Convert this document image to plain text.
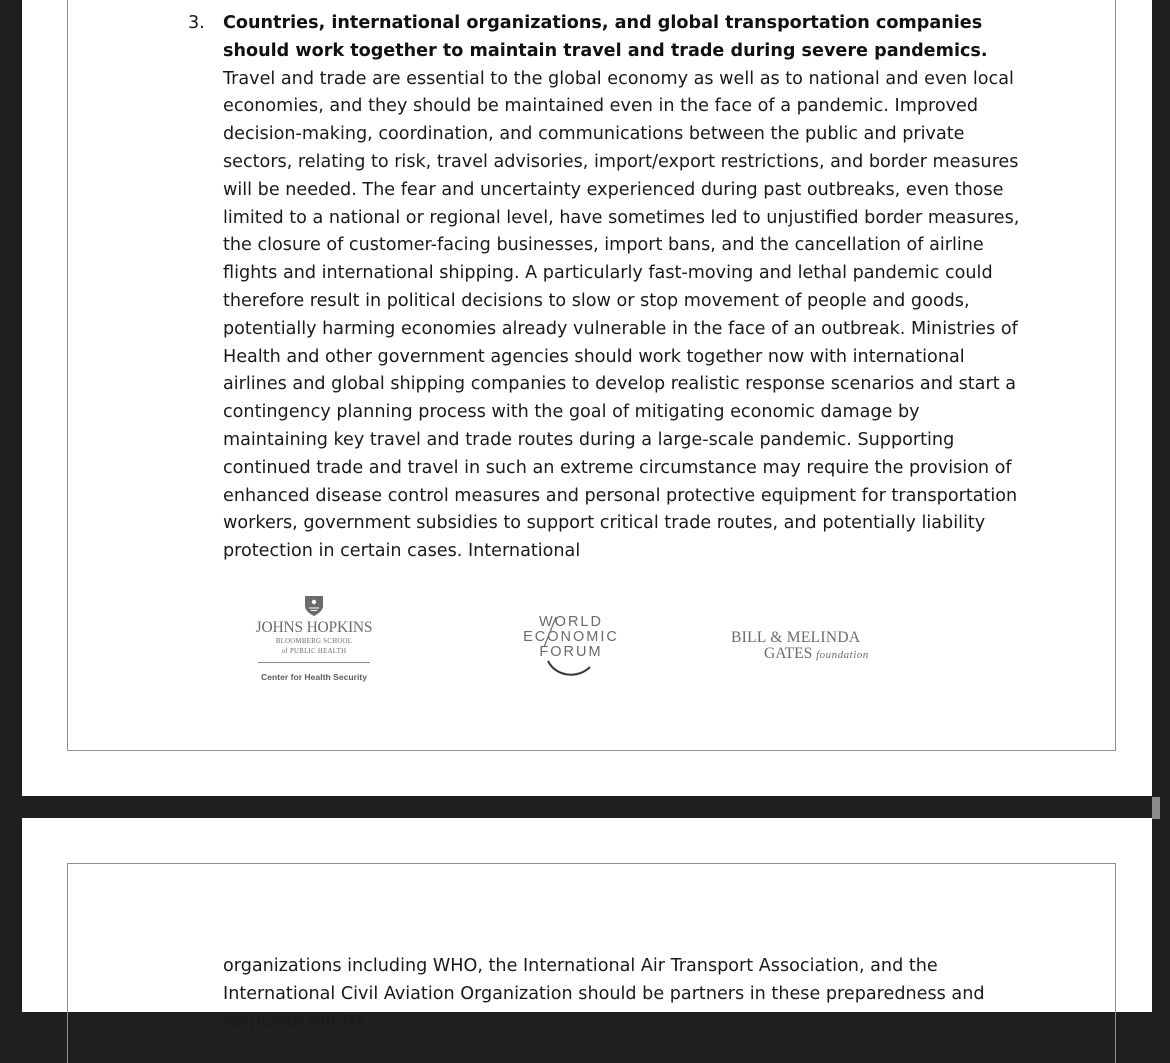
3. Countries, international organizations, and global transportation companies should work together to maintain travel and trade during severe pandemics. Travel and trade are essential to the global economy as well as to national and even local economies, and they should be maintained even in the face of a pandemic. Improved decision-making, coordination, and communications between the public and private sectors, relating to risk, travel advisories, import/export restrictions, and border measures will be needed. The fear and uncertainty experienced during past outbreaks, even those limited to a national or regional level, have sometimes led to unjustified border measures, the closure of customer-facing businesses, import bans, and the cancellation of airline flights and international shipping. A particularly fast-moving and lethal pandemic could therefore result in political decisions to slow or stop movement of people and goods, potentially harming economies already vulnerable in the face of an outbreak. Ministries of Health and other government agencies should work together now with international airlines and global shipping companies to develop realistic response scenarios and start a contingency planning process with the goal of mitigating economic damage by maintaining key travel and trade routes during a large-scale pandemic. Supporting continued trade and travel in such an extreme circumstance may require the provision of enhanced disease control measures and personal protective equipment for transportation workers, government subsidies to support critical trade routes, and potentially liability protection in certain cases. International
JOHNS HOPKINS
BLOOMBERG SCHOOL
of PUBLIC HEALTH
Center for Health Security
WORLD
ECONOMIC
FORUM
BILL & MELINDA
GATES foundation
organizations including WHO, the International Air Transport Association, and the International Civil Aviation Organization should be partners in these preparedness and response efforts.
